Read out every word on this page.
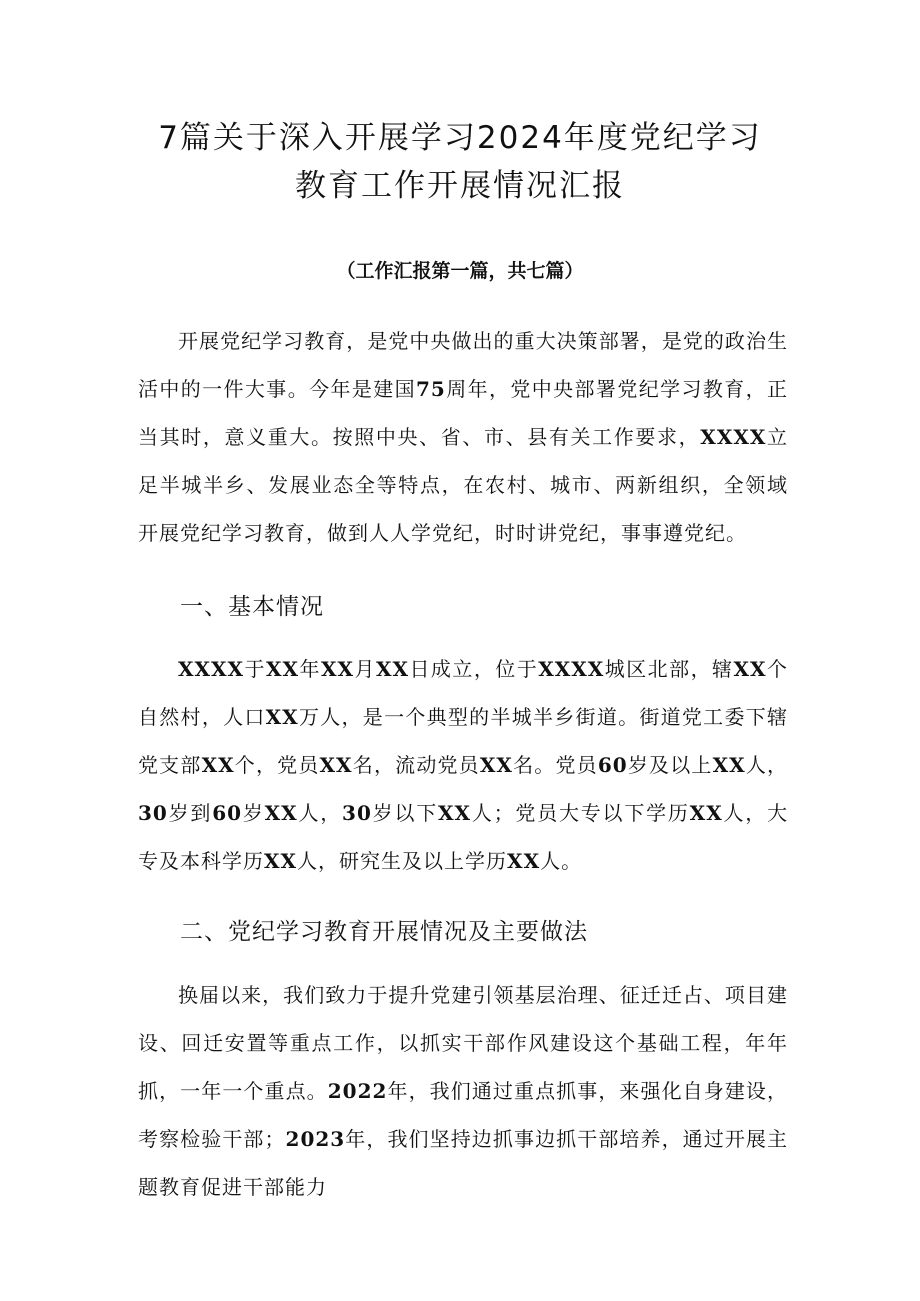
7篇关于深入开展学习2024年度党纪学习
教育工作开展情况汇报

（工作汇报第一篇，共七篇）

开展党纪学习教育，是党中央做出的重大决策部署，是党的政治生活中的一件大事。今年是建国75周年，党中央部署党纪学习教育，正当其时，意义重大。按照中央、省、市、县有关工作要求，XXXX立足半城半乡、发展业态全等特点，在农村、城市、两新组织，全领域开展党纪学习教育，做到人人学党纪，时时讲党纪，事事遵党纪。

一、基本情况

XXXX于XX年XX月XX日成立，位于XXXX城区北部，辖XX个自然村，人口XX万人，是一个典型的半城半乡街道。街道党工委下辖党支部XX个，党员XX名，流动党员XX名。党员60岁及以上XX人，30岁到60岁XX人，30岁以下XX人；党员大专以下学历XX人，大专及本科学历XX人，研究生及以上学历XX人。

二、党纪学习教育开展情况及主要做法

换届以来，我们致力于提升党建引领基层治理、征迁迁占、项目建设、回迁安置等重点工作，以抓实干部作风建设这个基础工程，年年抓，一年一个重点。2022年，我们通过重点抓事，来强化自身建设，考察检验干部；2023年，我们坚持边抓事边抓干部培养，通过开展主题教育促进干部能力
